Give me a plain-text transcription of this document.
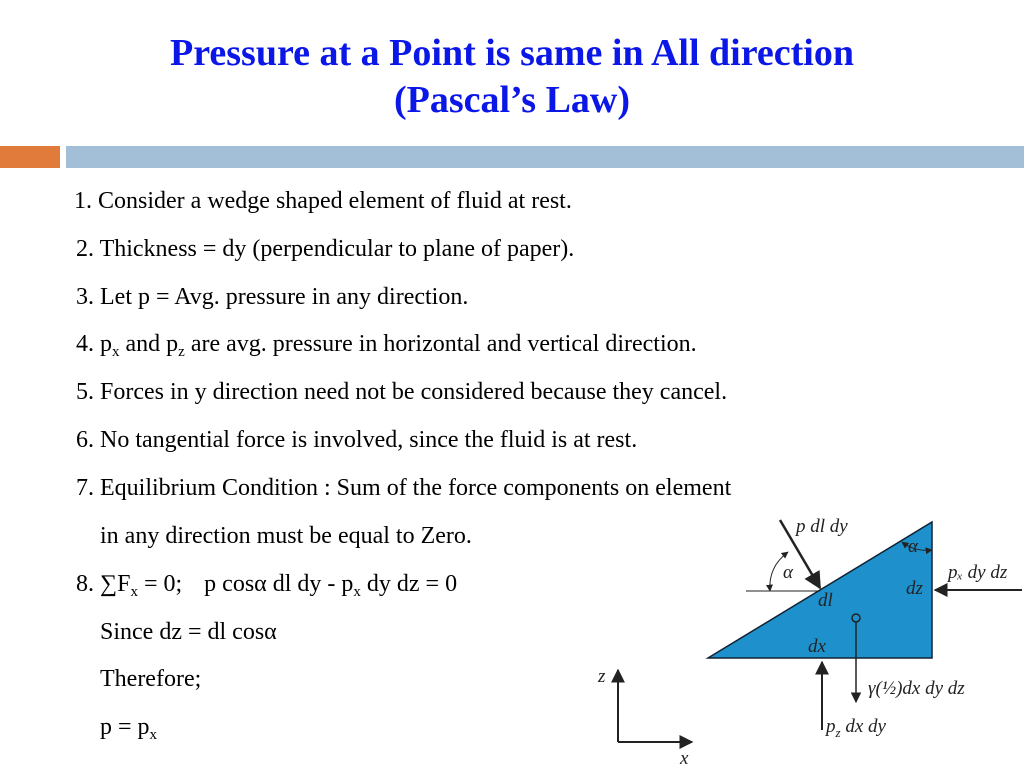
Pressure at a Point is same in All direction
(Pascal’s Law)
1. Consider a wedge shaped element of fluid at rest.
2. Thickness = dy (perpendicular to plane of paper).
3. Let p = Avg. pressure in any direction.
4. $p_x$ and $p_z$ are avg. pressure in horizontal and vertical direction.
5. Forces in y direction need not be considered because they cancel.
6. No tangential force is involved, since the fluid is at rest.
7. Equilibrium Condition : Sum of the force components on element
in any direction must be equal to Zero.
8. $\sum F_x = 0$; p cosα dl dy - $p_x$ dy dz = 0
Since dz = dl cosα
Therefore;
$p = p_x$
p dl dy
α
α
dz
dl
dx
pₓ dy dz
γ(½)dx dy dz
$p_z$ dx dy
z
x
